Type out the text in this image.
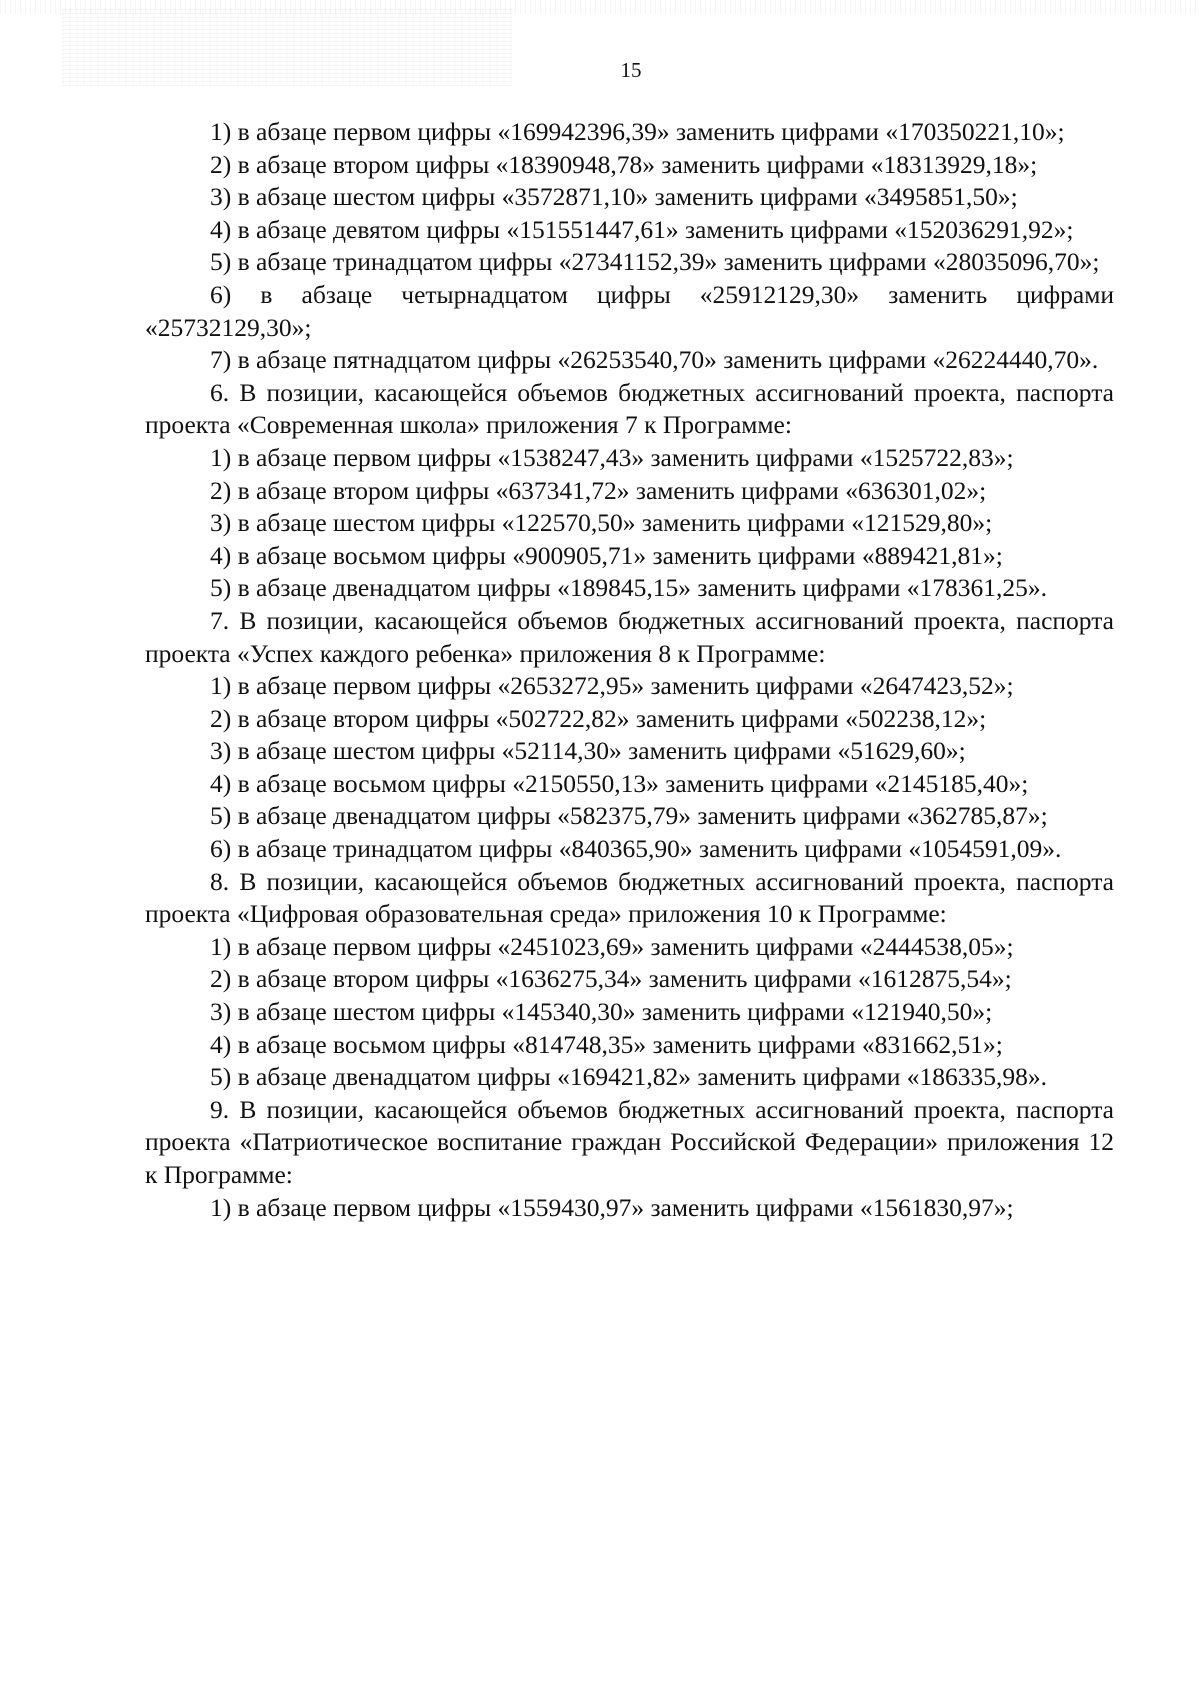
15

1) в абзаце первом цифры «169942396,39» заменить цифрами «170350221,10»;

2) в абзаце втором цифры «18390948,78» заменить цифрами «18313929,18»;

3) в абзаце шестом цифры «3572871,10» заменить цифрами «3495851,50»;

4) в абзаце девятом цифры «151551447,61» заменить цифрами «152036291,92»;

5) в абзаце тринадцатом цифры «27341152,39» заменить цифрами «28035096,70»;

6) в абзаце четырнадцатом цифры «25912129,30» заменить цифрами «25732129,30»;

7) в абзаце пятнадцатом цифры «26253540,70» заменить цифрами «26224440,70».

6. В позиции, касающейся объемов бюджетных ассигнований проекта, паспорта проекта «Современная школа» приложения 7 к Программе:

1) в абзаце первом цифры «1538247,43» заменить цифрами «1525722,83»;

2) в абзаце втором цифры «637341,72» заменить цифрами «636301,02»;

3) в абзаце шестом цифры «122570,50» заменить цифрами «121529,80»;

4) в абзаце восьмом цифры «900905,71» заменить цифрами «889421,81»;

5) в абзаце двенадцатом цифры «189845,15» заменить цифрами «178361,25».

7. В позиции, касающейся объемов бюджетных ассигнований проекта, паспорта проекта «Успех каждого ребенка» приложения 8 к Программе:

1) в абзаце первом цифры «2653272,95» заменить цифрами «2647423,52»;

2) в абзаце втором цифры «502722,82» заменить цифрами «502238,12»;

3) в абзаце шестом цифры «52114,30» заменить цифрами «51629,60»;

4) в абзаце восьмом цифры «2150550,13» заменить цифрами «2145185,40»;

5) в абзаце двенадцатом цифры «582375,79» заменить цифрами «362785,87»;

6) в абзаце тринадцатом цифры «840365,90» заменить цифрами «1054591,09».

8. В позиции, касающейся объемов бюджетных ассигнований проекта, паспорта проекта «Цифровая образовательная среда» приложения 10 к Программе:

1) в абзаце первом цифры «2451023,69» заменить цифрами «2444538,05»;

2) в абзаце втором цифры «1636275,34» заменить цифрами «1612875,54»;

3) в абзаце шестом цифры «145340,30» заменить цифрами «121940,50»;

4) в абзаце восьмом цифры «814748,35» заменить цифрами «831662,51»;

5) в абзаце двенадцатом цифры «169421,82» заменить цифрами «186335,98».

9. В позиции, касающейся объемов бюджетных ассигнований проекта, паспорта проекта «Патриотическое воспитание граждан Российской Федерации» приложения 12 к Программе:

1) в абзаце первом цифры «1559430,97» заменить цифрами «1561830,97»;
